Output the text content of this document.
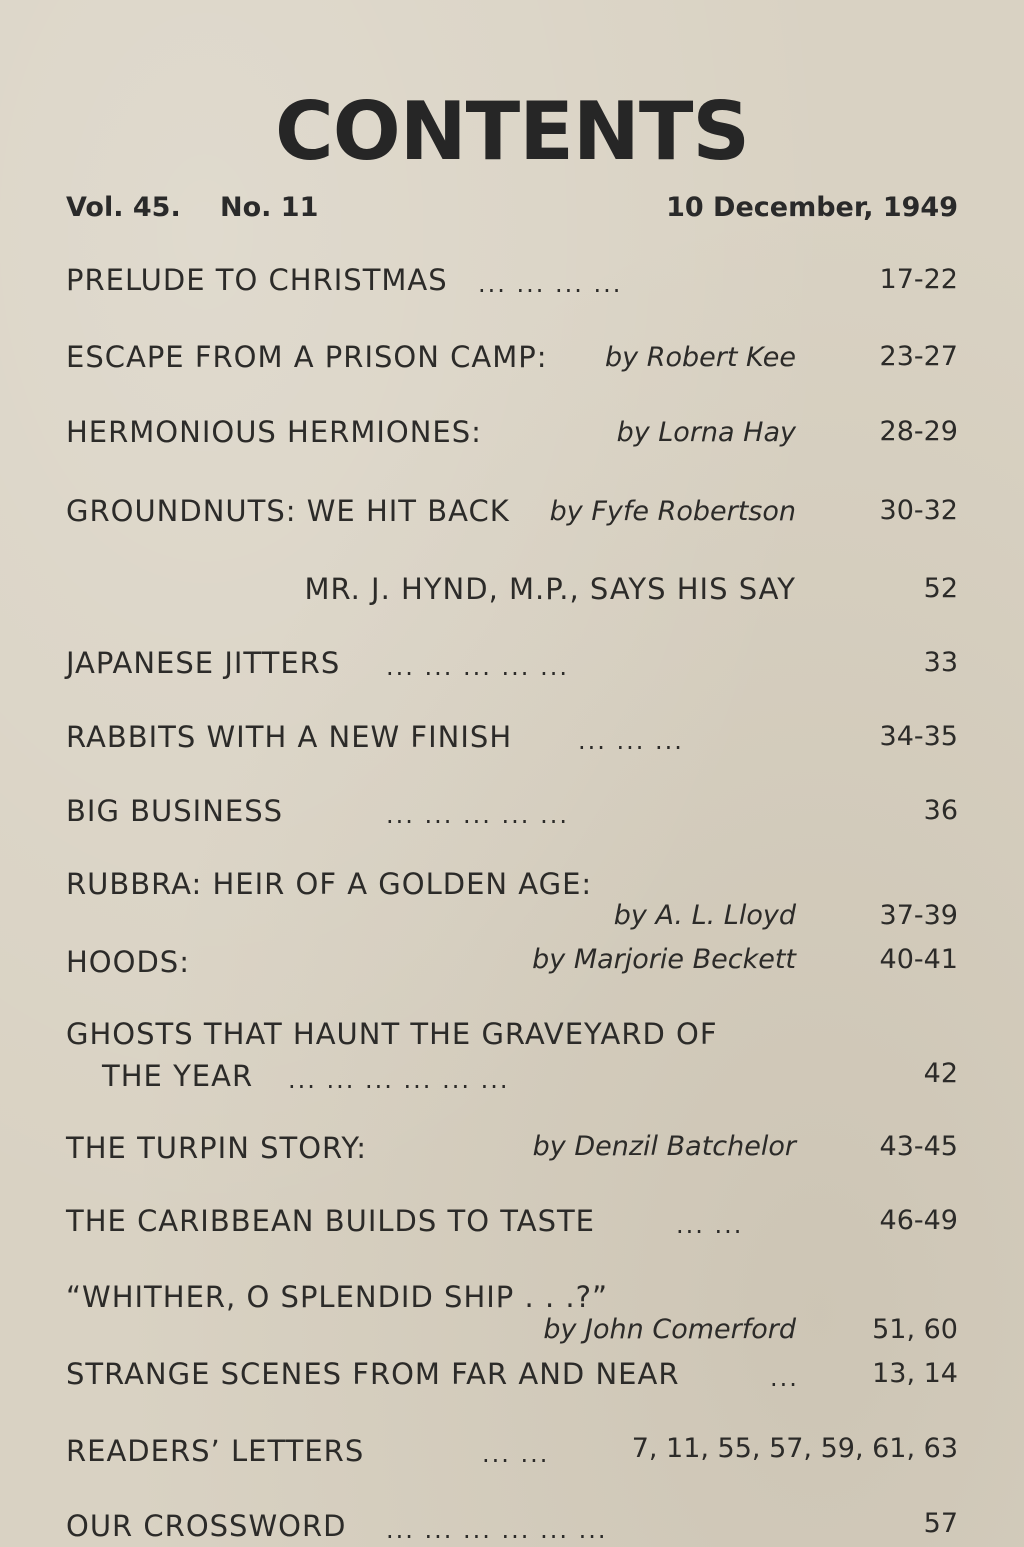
CONTENTS
Vol. 45. No. 11	10 December, 1949
PRELUDE TO CHRISTMAS ... ... ... ...	17-22
ESCAPE FROM A PRISON CAMP: by Robert Kee	23-27
HERMONIOUS HERMIONES:	by Lorna Hay	28-29
GROUNDNUTS: WE HIT BACK by Fyfe Robertson	30-32
MR. J. HYND, M.P., SAYS HIS SAY	52
JAPANESE JITTERS ... ... ... ... ...	33
RABBITS WITH A NEW FINISH	... ... ...	34-35
BIG BUSINESS	... ... ... ... ...	36
RUBBRA: HEIR OF A GOLDEN AGE:
by A. L. Lloyd	37-39
HOODS:	by Marjorie Beckett	40-41
GHOSTS THAT HAUNT THE GRAVEYARD OF
THE YEAR ... ... ... ... ... ...	42
THE TURPIN STORY:	by Denzil Batchelor	43-45
THE CARIBBEAN BUILDS TO TASTE	... ...	46-49
“WHITHER, O SPLENDID SHIP . . .?”
by John Comerford	51, 60
STRANGE SCENES FROM FAR AND NEAR	...	13, 14
READERS’ LETTERS	... ...	7, 11, 55, 57, 59, 61, 63
OUR CROSSWORD ... ... ... ... ... ...	57
